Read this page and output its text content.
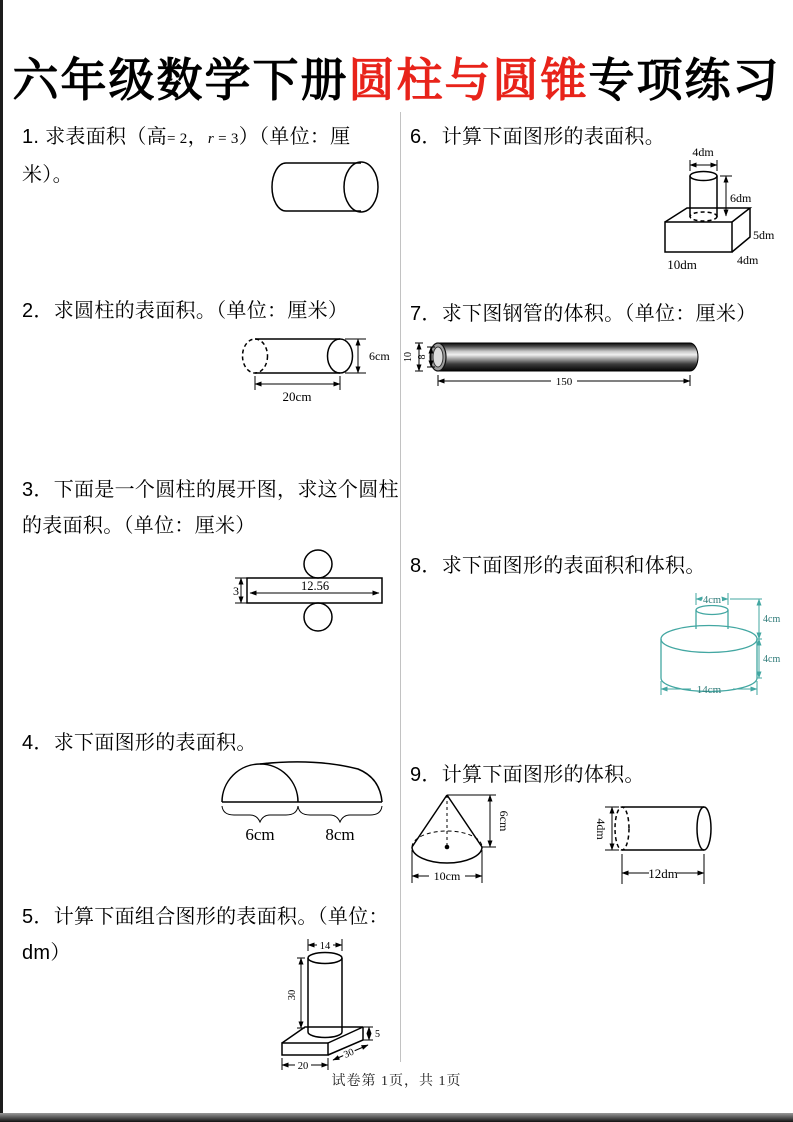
六年级数学下册圆柱与圆锥专项练习
1. 求表面积（高= 2，r = 3）（单位：厘米）。
2．求圆柱的表面积。（单位：厘米）
6cm
20cm
3．下面是一个圆柱的展开图，求这个圆柱的表面积。（单位：厘米）
12.56
3
4．求下面图形的表面积。
6cm	8cm
5．计算下面组合图形的表面积。（单位：dm）	14
30
5
30
20
6．计算下面图形的表面积。
4dm
6dm
5dm
4dm
10dm
7．求下图钢管的体积。（单位：厘米）
10 8
150
8．求下面图形的表面积和体积。
4cm
4cm
4cm
14cm
9．计算下面图形的体积。
6cm
10cm
4dm
12dm
试卷第 1页，共 1页
